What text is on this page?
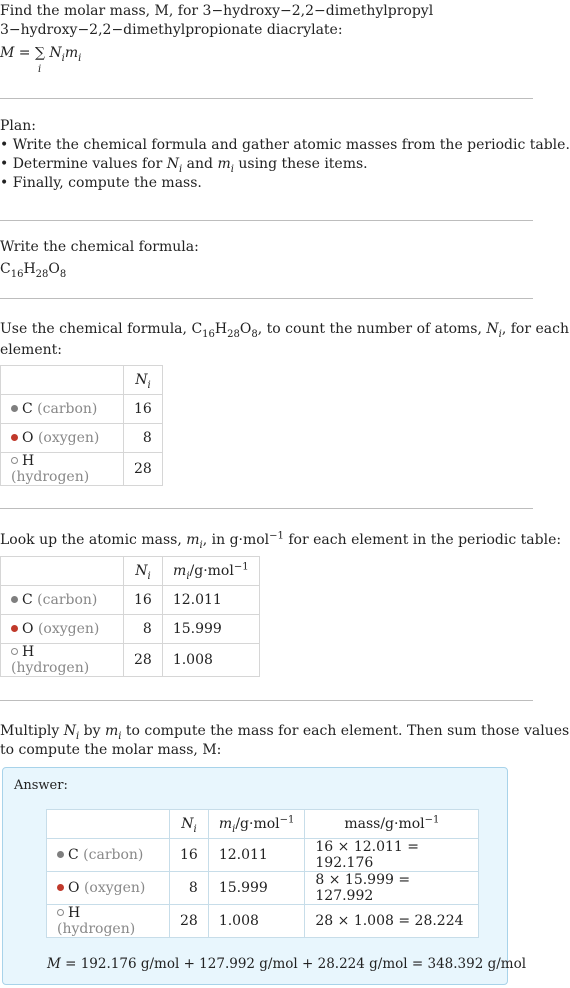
Find the molar mass, M, for 3−hydroxy−2,2−dimethylpropyl
3−hydroxy−2,2−dimethylpropionate diacrylate:
M = ∑
i
$N_im_i$
Plan:
• Write the chemical formula and gather atomic masses from the periodic table.
• Determine values for $N_i$ and $m_i$ using these items.
• Finally, compute the mass.
Write the chemical formula:
$C_{16}H_{28}O_8$
Use the chemical formula, $C_{16}H_{28}O_8$, to count the number of atoms, $N_i$, for each
element:
	$N_i$
C (carbon)	16
O (oxygen)	8
H (hydrogen)	28
Look up the atomic mass, $m_i$, in g·mol$^{-1}$ for each element in the periodic table:
	$N_i$	$m_i/g\cdot mol^{-1}$
C (carbon)	16	12.011
O (oxygen)	8	15.999
H (hydrogen)	28	1.008
Multiply $N_i$ by $m_i$ to compute the mass for each element. Then sum those values
to compute the molar mass, M:
Answer:
	$N_i$	$m_i/g\cdot mol^{-1}$	mass/g·mol$^{-1}$
C (carbon)	16	12.011	16 × 12.011 = 192.176
O (oxygen)	8	15.999	8 × 15.999 = 127.992
H (hydrogen)	28	1.008	28 × 1.008 = 28.224
M = 192.176 g/mol + 127.992 g/mol + 28.224 g/mol = 348.392 g/mol
